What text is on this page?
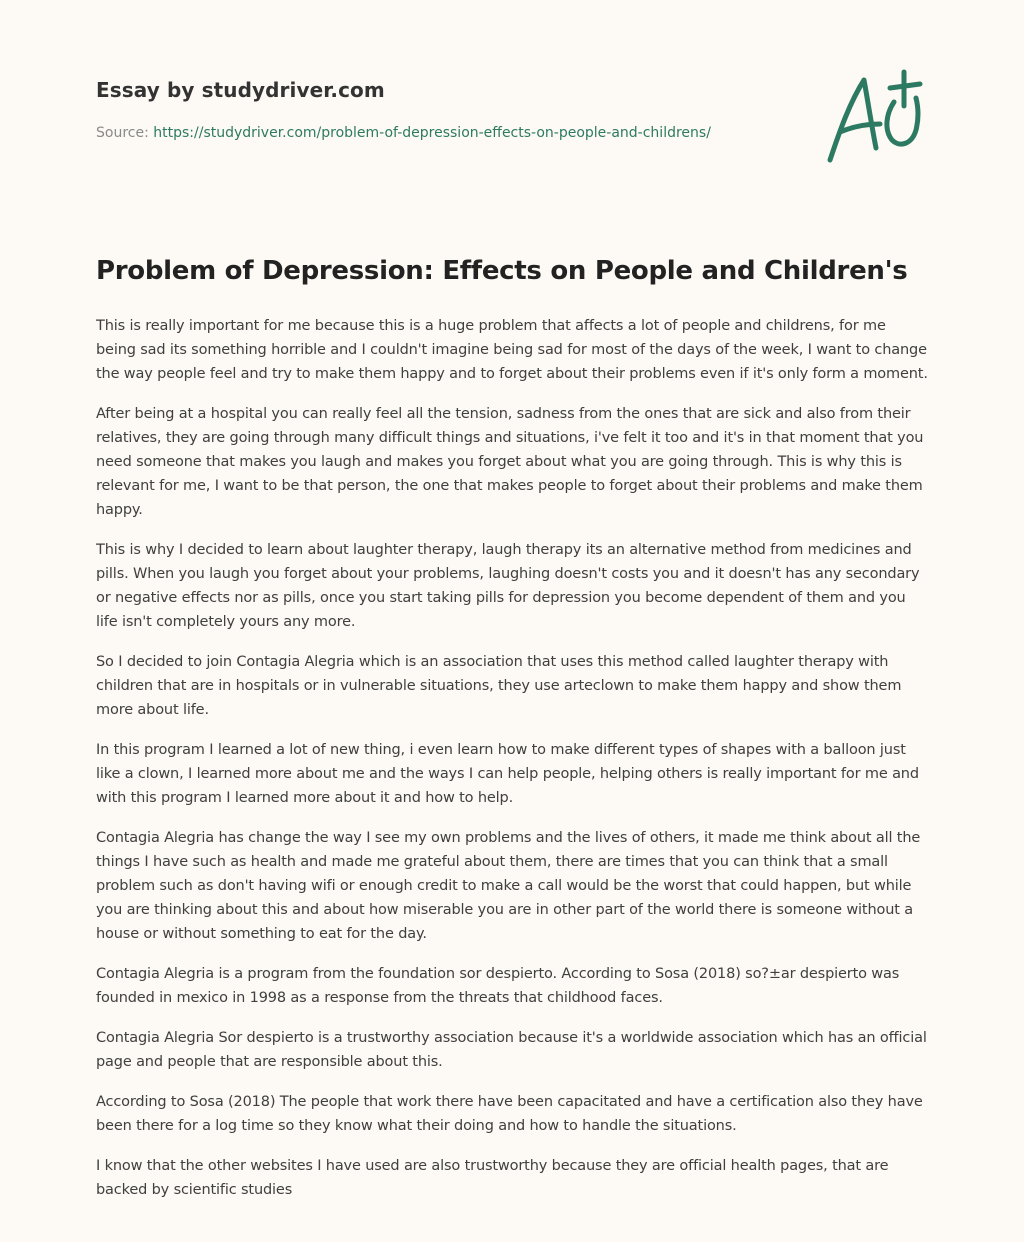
Essay by studydriver.com
Source: https://studydriver.com/problem-of-depression-effects-on-people-and-childrens/
Problem of Depression: Effects on People and Children's

This is really important for me because this is a huge problem that affects a lot of people and childrens, for me being sad its something horrible and I couldn't imagine being sad for most of the days of the week, I want to change the way people feel and try to make them happy and to forget about their problems even if it's only form a moment.

After being at a hospital you can really feel all the tension, sadness from the ones that are sick and also from their relatives, they are going through many difficult things and situations, i've felt it too and it's in that moment that you need someone that makes you laugh and makes you forget about what you are going through. This is why this is relevant for me, I want to be that person, the one that makes people to forget about their problems and make them happy.

This is why I decided to learn about laughter therapy, laugh therapy its an alternative method from medicines and pills. When you laugh you forget about your problems, laughing doesn't costs you and it doesn't has any secondary or negative effects nor as pills, once you start taking pills for depression you become dependent of them and you life isn't completely yours any more.

So I decided to join Contagia Alegria which is an association that uses this method called laughter therapy with children that are in hospitals or in vulnerable situations, they use arteclown to make them happy and show them more about life.

In this program I learned a lot of new thing, i even learn how to make different types of shapes with a balloon just like a clown, I learned more about me and the ways I can help people, helping others is really important for me and with this program I learned more about it and how to help.

Contagia Alegria has change the way I see my own problems and the lives of others, it made me think about all the things I have such as health and made me grateful about them, there are times that you can think that a small problem such as don't having wifi or enough credit to make a call would be the worst that could happen, but while you are thinking about this and about how miserable you are in other part of the world there is someone without a house or without something to eat for the day.

Contagia Alegria is a program from the foundation sor despierto. According to Sosa (2018) so?±ar despierto was founded in mexico in 1998 as a response from the threats that childhood faces.

Contagia Alegria Sor despierto is a trustworthy association because it's a worldwide association which has an official page and people that are responsible about this.

According to Sosa (2018) The people that work there have been capacitated and have a certification also they have been there for a log time so they know what their doing and how to handle the situations.

I know that the other websites I have used are also trustworthy because they are official health pages, that are backed by scientific studies
